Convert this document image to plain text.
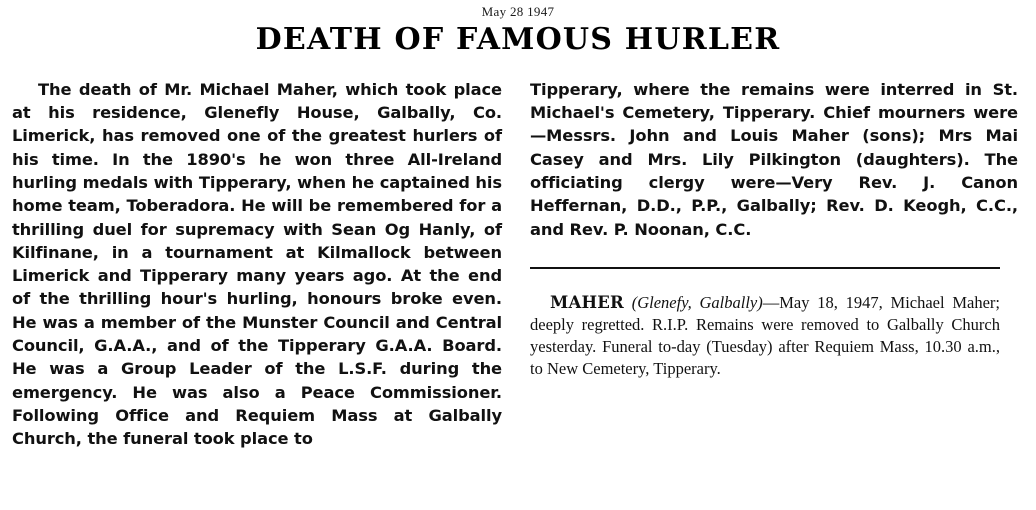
May 28 1947
DEATH OF FAMOUS HURLER

The death of Mr. Michael Maher, which took place at his residence, Glenefly House, Galbally, Co. Limerick, has removed one of the greatest hurlers of his time. In the 1890's he won three All-Ireland hurling medals with Tipperary, when he captained his home team, Toberadora. He will be remembered for a thrilling duel for supremacy with Sean Og Hanly, of Kilfinane, in a tournament at Kilmallock between Limerick and Tipperary many years ago. At the end of the thrilling hour's hurling, honours broke even. He was a member of the Munster Council and Central Council, G.A.A., and of the Tipperary G.A.A. Board. He was a Group Leader of the L.S.F. during the emergency. He was also a Peace Commissioner. Following Office and Requiem Mass at Galbally Church, the funeral took place to

Tipperary, where the remains were interred in St. Michael's Cemetery, Tipperary. Chief mourners were—Messrs. John and Louis Maher (sons); Mrs Mai Casey and Mrs. Lily Pilkington (daughters). The officiating clergy were—Very Rev. J. Canon Heffernan, D.D., P.P., Galbally; Rev. D. Keogh, C.C., and Rev. P. Noonan, C.C.

MAHER (Glenefy, Galbally)—May 18, 1947, Michael Maher; deeply regretted. R.I.P. Remains were removed to Galbally Church yesterday. Funeral to-day (Tuesday) after Requiem Mass, 10.30 a.m., to New Cemetery, Tipperary.
